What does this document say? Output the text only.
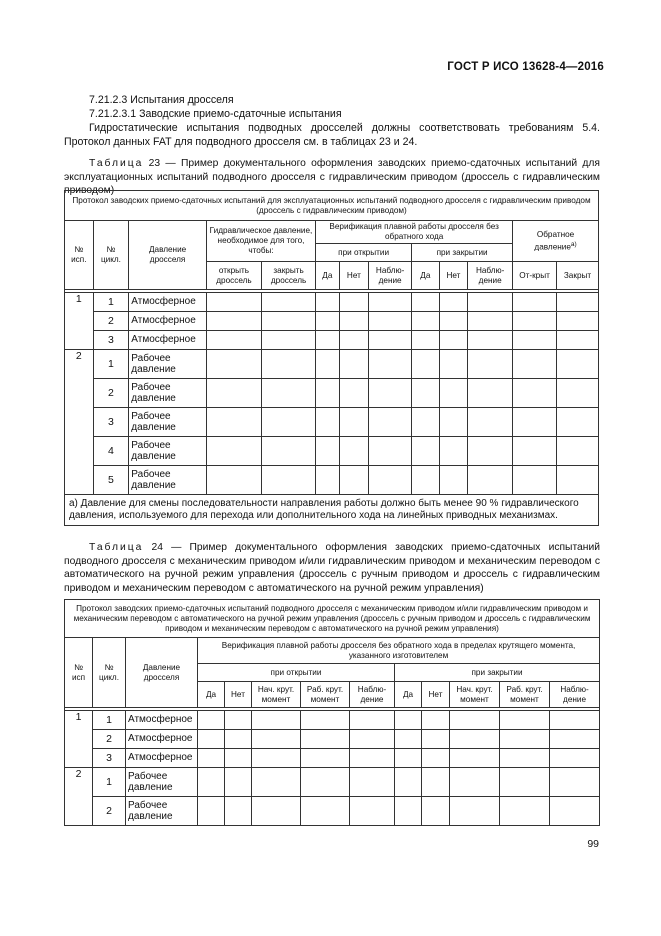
ГОСТ Р ИСО 13628-4—2016
7.21.2.3 Испытания дросселя
7.21.2.3.1 Заводские приемо-сдаточные испытания
Гидростатические испытания подводных дросселей должны соответствовать требованиям 5.4. Протокол данных FAT для подводного дросселя см. в таблицах 23 и 24.
Таблица 23 — Пример документального оформления заводских приемо-сдаточных испытаний для эксплуатационных испытаний подводного дросселя с гидравлическим приводом (дроссель с гидравлическим приводом)
Протокол заводских приемо-сдаточных испытаний для эксплуатационных испытаний подводного дросселя с гидравлическим приводом (дроссель с гидравлическим приводом)												
№ исп.	№ цикл.	Давление дросселя	Гидравлическое давление, необходимое для того, чтобы:		Верификация плавной работы дросселя без обратного хода						Обратное давление$^{а)}$
					при открытии			при закрытии				
			открыть дроссель	закрыть дроссель	Да	Нет	Наблю-дение	Да	Нет	Наблю-дение	От-крыт	Закрыт

1	1	Атмосферное										
	2	Атмосферное										
	3	Атмосферное										
2	1	Рабочее давление										
	2	Рабочее давление										
	3	Рабочее давление										
	4	Рабочее давление										
	5	Рабочее давление										
а) Давление для смены последовательности направления работы должно быть менее 90 % гидравлического давления, используемого для перехода или дополнительного хода на линейных приводных механизмах.												
Таблица 24 — Пример документального оформления заводских приемо-сдаточных испытаний подводного дросселя с механическим приводом и/или гидравлическим приводом и механическим переводом с автоматического на ручной режим управления (дроссель с ручным приводом и дроссель с гидравлическим приводом и механическим переводом с автоматического на ручной режим управления)
Протокол заводских приемо-сдаточных испытаний подводного дросселя с механическим приводом и/или гидравлическим приводом и механическим переводом с автоматического на ручной режим управления (дроссель с ручным приводом и дроссель с гидравлическим приводом и механическим переводом с автоматического на ручной режим управления)												
№ исп	№ цикл.	Давление дросселя	Верификация плавной работы дросселя без обратного хода в пределах крутящего момента, указанного изготовителем									
			при открытии					при закрытии				
			Да	Нет	Нач. крут. момент	Раб. крут. момент	Наблю-дение	Да	Нет	Нач. крут. момент	Раб. крут. момент	Наблю-дение

1	1	Атмосферное										
	2	Атмосферное										
	3	Атмосферное										
2	1	Рабочее давление										
	2	Рабочее давление										
99
